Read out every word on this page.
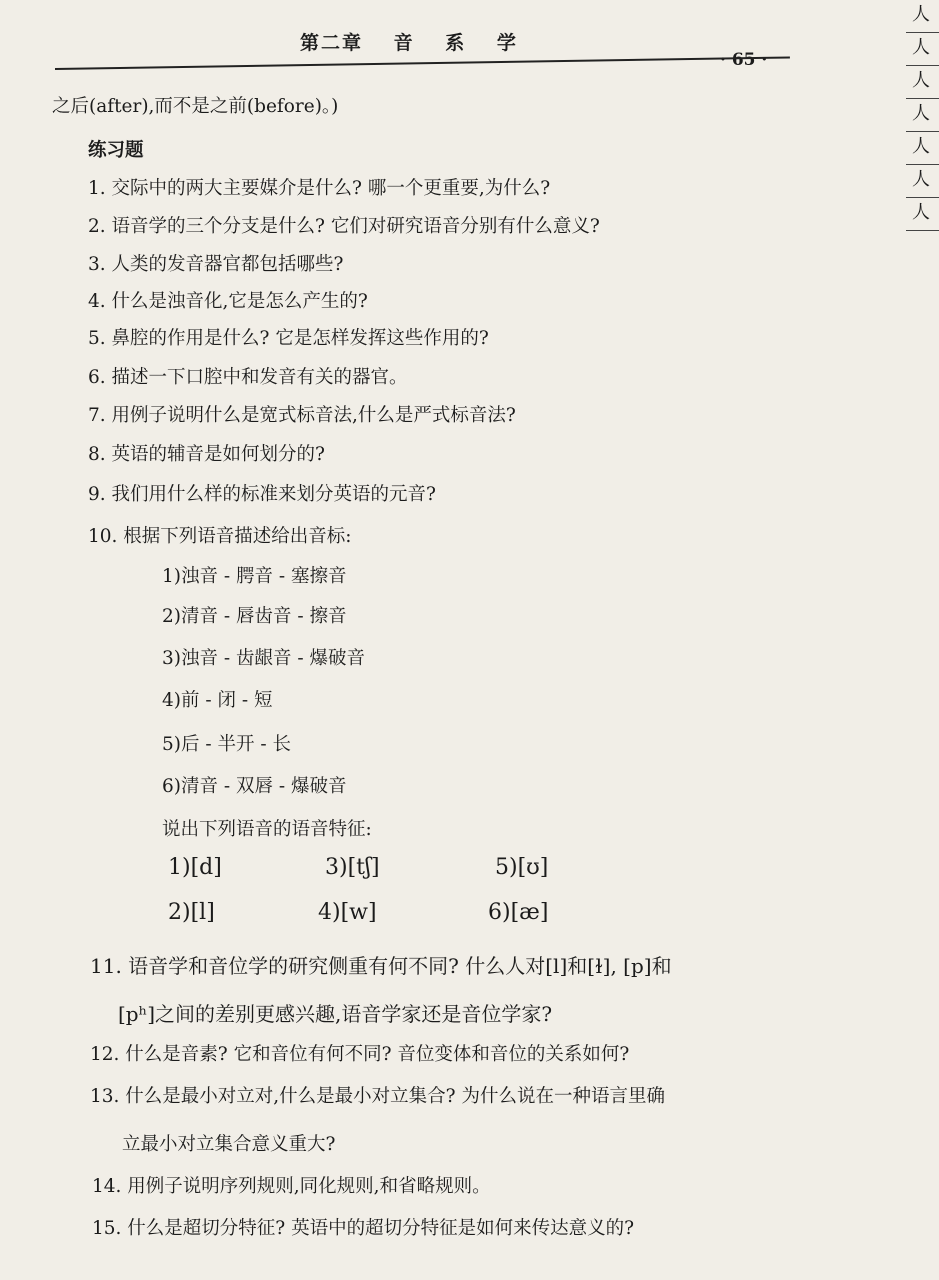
第二章 音 系 学
· 65 ·
人
人
人
人
人
人
人
之后(after),而不是之前(before)。)
练习题
1. 交际中的两大主要媒介是什么? 哪一个更重要,为什么?
2. 语音学的三个分支是什么? 它们对研究语音分别有什么意义?
3. 人类的发音器官都包括哪些?
4. 什么是浊音化,它是怎么产生的?
5. 鼻腔的作用是什么? 它是怎样发挥这些作用的?
6. 描述一下口腔中和发音有关的器官。
7. 用例子说明什么是宽式标音法,什么是严式标音法?
8. 英语的辅音是如何划分的?
9. 我们用什么样的标准来划分英语的元音?
10. 根据下列语音描述给出音标:
1)浊音 - 腭音 - 塞擦音
2)清音 - 唇齿音 - 擦音
3)浊音 - 齿龈音 - 爆破音
4)前 - 闭 - 短
5)后 - 半开 - 长
6)清音 - 双唇 - 爆破音
说出下列语音的语音特征:
1)[d]	3)[tʃ]	5)[ʊ]
2)[l]	4)[w]	6)[æ]
11. 语音学和音位学的研究侧重有何不同? 什么人对[l]和[ɫ], [p]和
[pʰ]之间的差别更感兴趣,语音学家还是音位学家?
12. 什么是音素? 它和音位有何不同? 音位变体和音位的关系如何?
13. 什么是最小对立对,什么是最小对立集合? 为什么说在一种语言里确
立最小对立集合意义重大?
14. 用例子说明序列规则,同化规则,和省略规则。
15. 什么是超切分特征? 英语中的超切分特征是如何来传达意义的?
